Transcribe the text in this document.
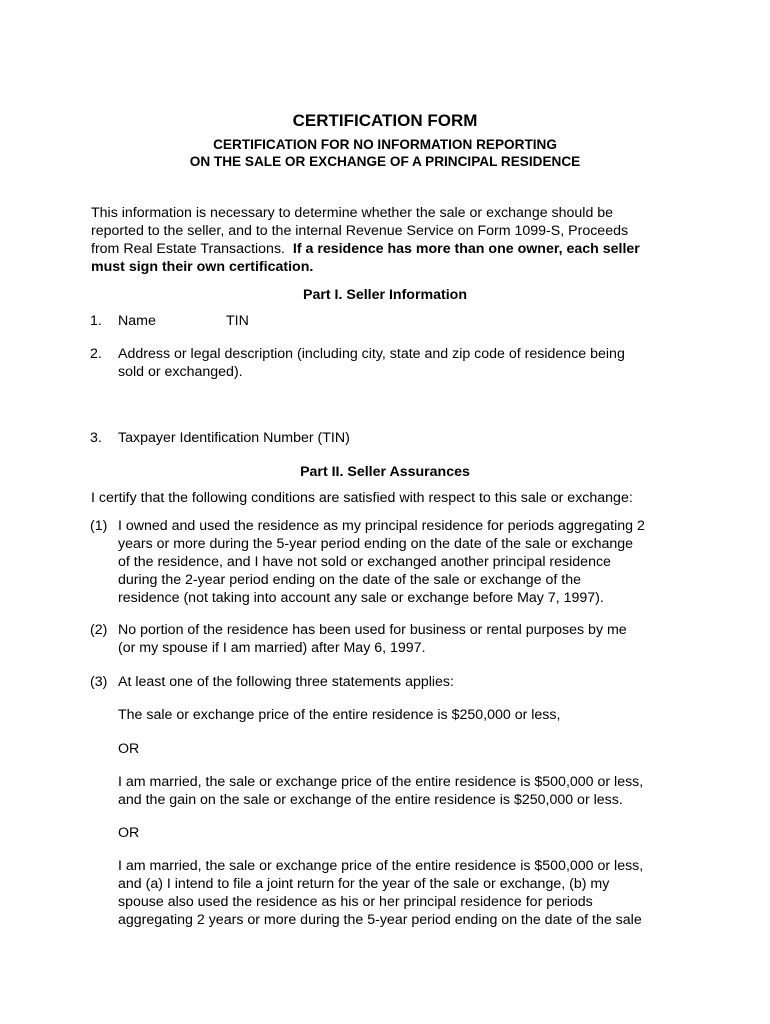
CERTIFICATION FORM
CERTIFICATION FOR NO INFORMATION REPORTING
ON THE SALE OR EXCHANGE OF A PRINCIPAL RESIDENCE
This information is necessary to determine whether the sale or exchange should be
reported to the seller, and to the internal Revenue Service on Form 1099-S, Proceeds
from Real Estate Transactions. If a residence has more than one owner, each seller
must sign their own certification.
Part I. Seller Information
1.	Name	TIN
2.	Address or legal description (including city, state and zip code of residence being
sold or exchanged).
3.	Taxpayer Identification Number (TIN)
Part II. Seller Assurances
I certify that the following conditions are satisfied with respect to this sale or exchange:
(1) I owned and used the residence as my principal residence for periods aggregating 2
years or more during the 5-year period ending on the date of the sale or exchange
of the residence, and I have not sold or exchanged another principal residence
during the 2-year period ending on the date of the sale or exchange of the
residence (not taking into account any sale or exchange before May 7, 1997).
(2) No portion of the residence has been used for business or rental purposes by me
(or my spouse if I am married) after May 6, 1997.
(3) At least one of the following three statements applies:
The sale or exchange price of the entire residence is $250,000 or less,
OR
I am married, the sale or exchange price of the entire residence is $500,000 or less,
and the gain on the sale or exchange of the entire residence is $250,000 or less.
OR
I am married, the sale or exchange price of the entire residence is $500,000 or less,
and (a) I intend to file a joint return for the year of the sale or exchange, (b) my
spouse also used the residence as his or her principal residence for periods
aggregating 2 years or more during the 5-year period ending on the date of the sale
